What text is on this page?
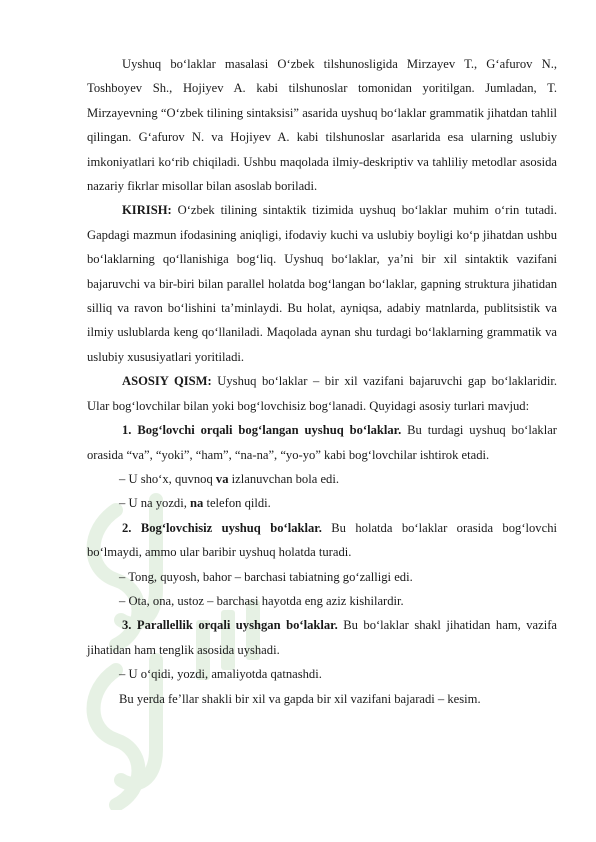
Uyshuq bo‘laklar masalasi O‘zbek tilshunosligida Mirzayev T., G‘afurov N., Toshboyev Sh., Hojiyev A. kabi tilshunoslar tomonidan yoritilgan. Jumladan, T. Mirzayevning “O‘zbek tilining sintaksisi” asarida uyshuq bo‘laklar grammatik jihatdan tahlil qilingan. G‘afurov N. va Hojiyev A. kabi tilshunoslar asarlarida esa ularning uslubiy imkoniyatlari ko‘rib chiqiladi. Ushbu maqolada ilmiy-deskriptiv va tahliliy metodlar asosida nazariy fikrlar misollar bilan asoslab boriladi.

KIRISH: O‘zbek tilining sintaktik tizimida uyshuq bo‘laklar muhim o‘rin tutadi. Gapdagi mazmun ifodasining aniqligi, ifodaviy kuchi va uslubiy boyligi ko‘p jihatdan ushbu bo‘laklarning qo‘llanishiga bog‘liq. Uyshuq bo‘laklar, ya’ni bir xil sintaktik vazifani bajaruvchi va bir-biri bilan parallel holatda bog‘langan bo‘laklar, gapning struktura jihatidan silliq va ravon bo‘lishini ta’minlaydi. Bu holat, ayniqsa, adabiy matnlarda, publitsistik va ilmiy uslublarda keng qo‘llaniladi. Maqolada aynan shu turdagi bo‘laklarning grammatik va uslubiy xususiyatlari yoritiladi.

ASOSIY QISM: Uyshuq bo‘laklar – bir xil vazifani bajaruvchi gap bo‘laklaridir. Ular bog‘lovchilar bilan yoki bog‘lovchisiz bog‘lanadi. Quyidagi asosiy turlari mavjud:

1. Bog‘lovchi orqali bog‘langan uyshuq bo‘laklar. Bu turdagi uyshuq bo‘laklar orasida “va”, “yoki”, “ham”, “na-na”, “yo-yo” kabi bog‘lovchilar ishtirok etadi.

– U sho‘x, quvnoq va izlanuvchan bola edi.

– U na yozdi, na telefon qildi.

2. Bog‘lovchisiz uyshuq bo‘laklar. Bu holatda bo‘laklar orasida bog‘lovchi bo‘lmaydi, ammo ular baribir uyshuq holatda turadi.

– Tong, quyosh, bahor – barchasi tabiatning go‘zalligi edi.

– Ota, ona, ustoz – barchasi hayotda eng aziz kishilardir.

3. Parallellik orqali uyshgan bo‘laklar. Bu bo‘laklar shakl jihatidan ham, vazifa jihatidan ham tenglik asosida uyshadi.

– U o‘qidi, yozdi, amaliyotda qatnashdi.

Bu yerda fe’llar shakli bir xil va gapda bir xil vazifani bajaradi – kesim.
